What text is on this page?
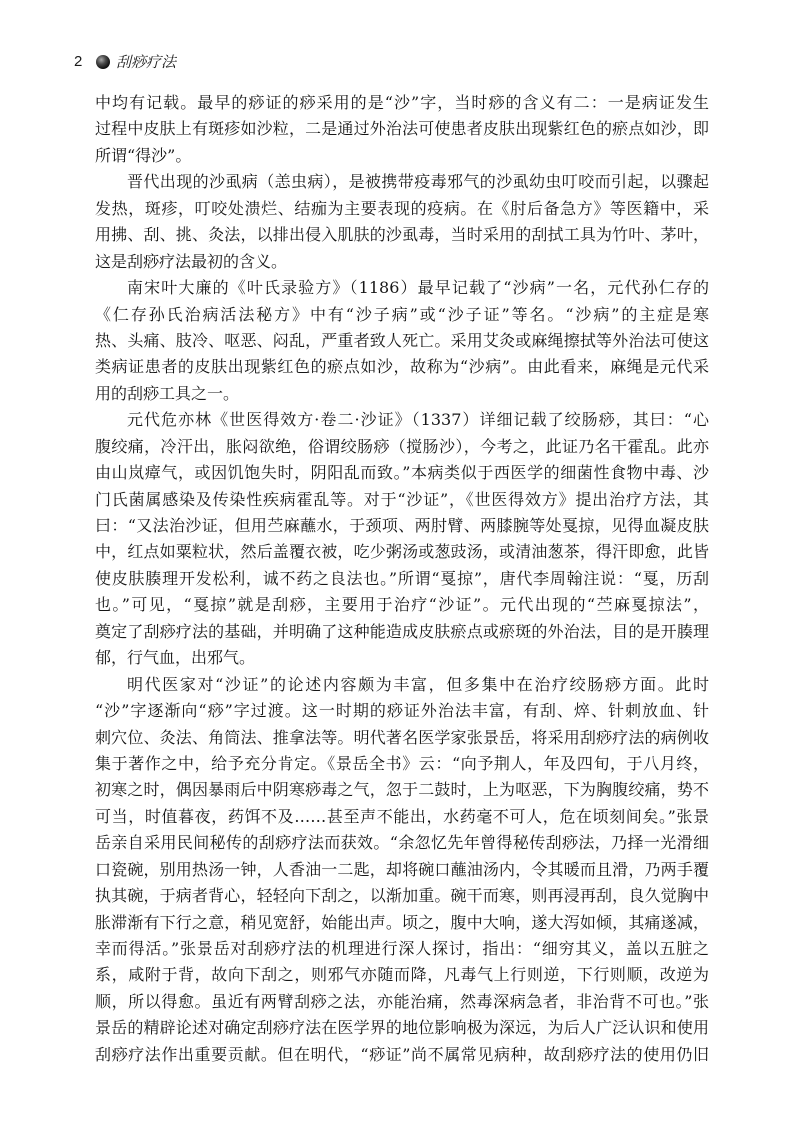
2	刮痧疗法
中均有记载。最早的痧证的痧采用的是“沙”字，当时痧的含义有二：一是病证发生
过程中皮肤上有斑疹如沙粒，二是通过外治法可使患者皮肤出现紫红色的瘀点如沙，即
所谓“得沙”。
晋代出现的沙虱病（恙虫病），是被携带疫毒邪气的沙虱幼虫叮咬而引起，以骤起
发热，斑疹，叮咬处溃烂、结痂为主要表现的疫病。在《肘后备急方》等医籍中，采
用拂、刮、挑、灸法，以排出侵入肌肤的沙虱毒，当时采用的刮拭工具为竹叶、茅叶，
这是刮痧疗法最初的含义。
南宋叶大廉的《叶氏录验方》（1186）最早记载了“沙病”一名，元代孙仁存的
《仁存孙氏治病活法秘方》中有“沙子病”或“沙子证”等名。“沙病”的主症是寒
热、头痛、肢冷、呕恶、闷乱，严重者致人死亡。采用艾灸或麻绳擦拭等外治法可使这
类病证患者的皮肤出现紫红色的瘀点如沙，故称为“沙病”。由此看来，麻绳是元代采
用的刮痧工具之一。
元代危亦林《世医得效方·卷二·沙证》（1337）详细记载了绞肠痧，其曰：“心
腹绞痛，冷汗出，胀闷欲绝，俗谓绞肠痧（搅肠沙），今考之，此证乃名干霍乱。此亦
由山岚瘴气，或因饥饱失时，阴阳乱而致。”本病类似于西医学的细菌性食物中毒、沙
门氏菌属感染及传染性疾病霍乱等。对于“沙证”，《世医得效方》提出治疗方法，其
曰：“又法治沙证，但用苎麻蘸水，于颈项、两肘臂、两膝腕等处戛掠，见得血凝皮肤
中，红点如粟粒状，然后盖覆衣被，吃少粥汤或葱豉汤，或清油葱茶，得汗即愈，此皆
使皮肤腠理开发松利，诚不药之良法也。”所谓“戛掠”，唐代李周翰注说：“戛，历刮
也。”可见，“戛掠”就是刮痧，主要用于治疗“沙证”。元代出现的“苎麻戛掠法”，
奠定了刮痧疗法的基础，并明确了这种能造成皮肤瘀点或瘀斑的外治法，目的是开腠理
郁，行气血，出邪气。
明代医家对“沙证”的论述内容颇为丰富，但多集中在治疗绞肠痧方面。此时
“沙”字逐渐向“痧”字过渡。这一时期的痧证外治法丰富，有刮、焠、针刺放血、针
刺穴位、灸法、角筒法、推拿法等。明代著名医学家张景岳，将采用刮痧疗法的病例收
集于著作之中，给予充分肯定。《景岳全书》云：“向予荆人，年及四旬，于八月终，
初寒之时，偶因暴雨后中阴寒痧毒之气，忽于二鼓时，上为呕恶，下为胸腹绞痛，势不
可当，时值暮夜，药饵不及……甚至声不能出，水药毫不可人，危在顷刻间矣。”张景
岳亲自采用民间秘传的刮痧疗法而获效。“余忽忆先年曾得秘传刮痧法，乃择一光滑细
口瓷碗，别用热汤一钟，人香油一二匙，却将碗口蘸油汤内，令其暖而且滑，乃两手覆
执其碗，于病者背心，轻轻向下刮之，以渐加重。碗干而寒，则再浸再刮，良久觉胸中
胀滞渐有下行之意，稍见宽舒，始能出声。顷之，腹中大响，遂大泻如倾，其痛遂减，
幸而得活。”张景岳对刮痧疗法的机理进行深人探讨，指出：“细穷其义，盖以五脏之
系，咸附于背，故向下刮之，则邪气亦随而降，凡毒气上行则逆，下行则顺，改逆为
顺，所以得愈。虽近有两臂刮痧之法，亦能治痛，然毒深病急者，非治背不可也。”张
景岳的精辟论述对确定刮痧疗法在医学界的地位影响极为深远，为后人广泛认识和使用
刮痧疗法作出重要贡献。但在明代，“痧证”尚不属常见病种，故刮痧疗法的使用仍旧
